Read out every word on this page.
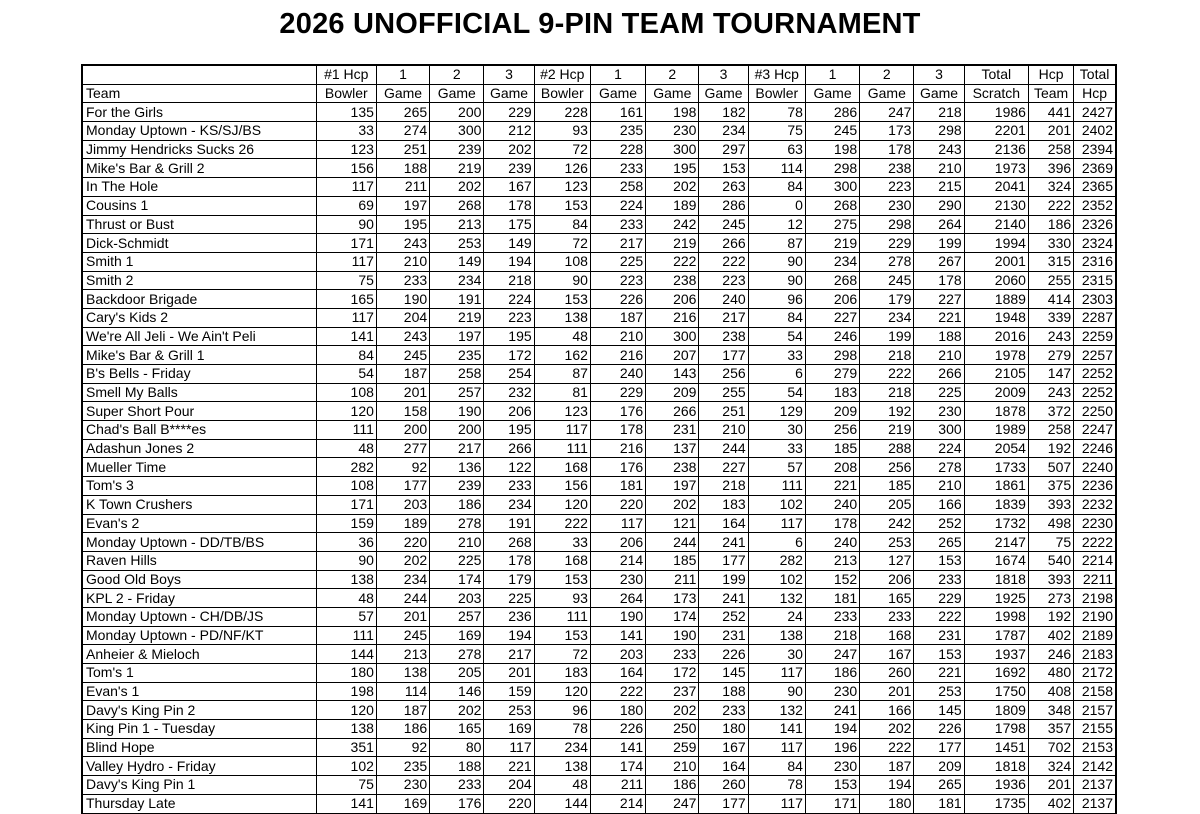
2026 UNOFFICIAL 9-PIN TEAM TOURNAMENT
	#1 Hcp	1	2	3	#2 Hcp	1	2	3	#3 Hcp	1	2	3	Total	Hcp	Total
Team	Bowler	Game	Game	Game	Bowler	Game	Game	Game	Bowler	Game	Game	Game	Scratch	Team	Hcp
For the Girls	135	265	200	229	228	161	198	182	78	286	247	218	1986	441	2427
Monday Uptown - KS/SJ/BS	33	274	300	212	93	235	230	234	75	245	173	298	2201	201	2402
Jimmy Hendricks Sucks 26	123	251	239	202	72	228	300	297	63	198	178	243	2136	258	2394
Mike's Bar & Grill 2	156	188	219	239	126	233	195	153	114	298	238	210	1973	396	2369
In The Hole	117	211	202	167	123	258	202	263	84	300	223	215	2041	324	2365
Cousins 1	69	197	268	178	153	224	189	286	0	268	230	290	2130	222	2352
Thrust or Bust	90	195	213	175	84	233	242	245	12	275	298	264	2140	186	2326
Dick-Schmidt	171	243	253	149	72	217	219	266	87	219	229	199	1994	330	2324
Smith 1	117	210	149	194	108	225	222	222	90	234	278	267	2001	315	2316
Smith 2	75	233	234	218	90	223	238	223	90	268	245	178	2060	255	2315
Backdoor Brigade	165	190	191	224	153	226	206	240	96	206	179	227	1889	414	2303
Cary's Kids 2	117	204	219	223	138	187	216	217	84	227	234	221	1948	339	2287
We're All Jeli - We Ain't Peli	141	243	197	195	48	210	300	238	54	246	199	188	2016	243	2259
Mike's Bar & Grill 1	84	245	235	172	162	216	207	177	33	298	218	210	1978	279	2257
B's Bells - Friday	54	187	258	254	87	240	143	256	6	279	222	266	2105	147	2252
Smell My Balls	108	201	257	232	81	229	209	255	54	183	218	225	2009	243	2252
Super Short Pour	120	158	190	206	123	176	266	251	129	209	192	230	1878	372	2250
Chad's Ball B****es	111	200	200	195	117	178	231	210	30	256	219	300	1989	258	2247
Adashun Jones 2	48	277	217	266	111	216	137	244	33	185	288	224	2054	192	2246
Mueller Time	282	92	136	122	168	176	238	227	57	208	256	278	1733	507	2240
Tom's 3	108	177	239	233	156	181	197	218	111	221	185	210	1861	375	2236
K Town Crushers	171	203	186	234	120	220	202	183	102	240	205	166	1839	393	2232
Evan's 2	159	189	278	191	222	117	121	164	117	178	242	252	1732	498	2230
Monday Uptown - DD/TB/BS	36	220	210	268	33	206	244	241	6	240	253	265	2147	75	2222
Raven Hills	90	202	225	178	168	214	185	177	282	213	127	153	1674	540	2214
Good Old Boys	138	234	174	179	153	230	211	199	102	152	206	233	1818	393	2211
KPL 2 - Friday	48	244	203	225	93	264	173	241	132	181	165	229	1925	273	2198
Monday Uptown - CH/DB/JS	57	201	257	236	111	190	174	252	24	233	233	222	1998	192	2190
Monday Uptown - PD/NF/KT	111	245	169	194	153	141	190	231	138	218	168	231	1787	402	2189
Anheier & Mieloch	144	213	278	217	72	203	233	226	30	247	167	153	1937	246	2183
Tom's 1	180	138	205	201	183	164	172	145	117	186	260	221	1692	480	2172
Evan's 1	198	114	146	159	120	222	237	188	90	230	201	253	1750	408	2158
Davy's King Pin 2	120	187	202	253	96	180	202	233	132	241	166	145	1809	348	2157
King Pin 1 - Tuesday	138	186	165	169	78	226	250	180	141	194	202	226	1798	357	2155
Blind Hope	351	92	80	117	234	141	259	167	117	196	222	177	1451	702	2153
Valley Hydro - Friday	102	235	188	221	138	174	210	164	84	230	187	209	1818	324	2142
Davy's King Pin 1	75	230	233	204	48	211	186	260	78	153	194	265	1936	201	2137
Thursday Late	141	169	176	220	144	214	247	177	117	171	180	181	1735	402	2137
